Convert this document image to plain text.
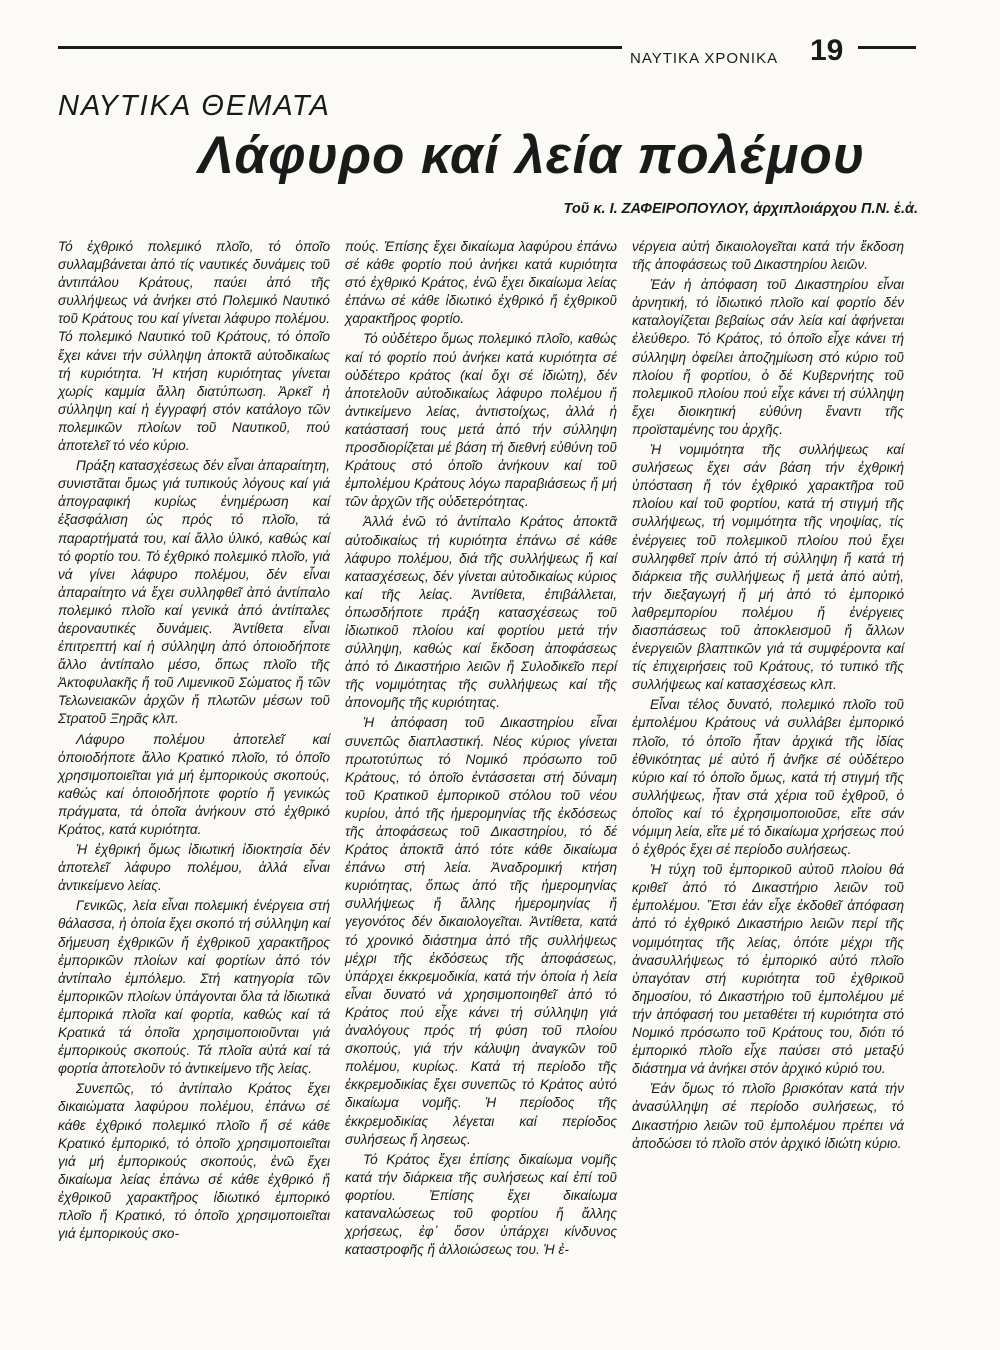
ΝΑΥΤΙΚΑ ΧΡΟΝΙΚΑ 19
ΝΑΥΤΙΚΑ ΘΕΜΑΤΑ
Λάφυρο καί λεία πολέμου
Τοῦ κ. Ι. ΖΑΦΕΙΡΟΠΟΥΛΟΥ, ἀρχιπλοιάρχου Π.Ν. ἐ.ἀ.

Τό ἐχθρικό πολεμικό πλοῖο, τό ὁποῖο συλλαμβάνεται ἀπό τίς ναυτικές δυνάμεις τοῦ ἀντιπάλου Κράτους, παύει ἀπό τῆς συλλήψεως νά ἀνήκει στό Πολεμικό Ναυτικό τοῦ Κράτους του καί γίνεται λάφυρο πολέμου. Τό πολεμικό Ναυτικό τοῦ Κράτους, τό ὁποῖο ἔχει κάνει τήν σύλληψη ἀποκτᾶ αὐτοδικαίως τή κυριότητα. Ἡ κτήση κυριότητας γίνεται χωρίς καμμία ἄλλη διατύπωση. Ἀρκεῖ ἡ σύλληψη καί ἡ ἐγγραφή στόν κατάλογο τῶν πολεμικῶν πλοίων τοῦ Ναυτικοῦ, πού ἀποτελεῖ τό νέο κύριο.

Πράξη κατασχέσεως δέν εἶναι ἀπαραίτητη, συνιστᾶται ὅμως γιά τυπικούς λόγους καί γιά ἀπογραφική κυρίως ἐνημέρωση καί ἐξασφάλιση ὡς πρός τό πλοῖο, τά παραρτήματά του, καί ἄλλο ὑλικό, καθώς καί τό φορτίο του. Τό ἐχθρικό πολεμικό πλοῖο, γιά νά γίνει λάφυρο πολέμου, δέν εἶναι ἀπαραίτητο νά ἔχει συλληφθεῖ ἀπό ἀντίπαλο πολεμικό πλοῖο καί γενικά ἀπό ἀντίπαλες ἀεροναυτικές δυνάμεις. Ἀντίθετα εἶναι ἐπιτρεπτή καί ἡ σύλληψη ἀπό ὁποιοδήποτε ἄλλο ἀντίπαλο μέσο, ὅπως πλοῖο τῆς Ἀκτοφυλακῆς ἤ τοῦ Λιμενικοῦ Σώματος ἤ τῶν Τελωνειακῶν ἀρχῶν ἤ πλωτῶν μέσων τοῦ Στρατοῦ Ξηρᾶς κλπ.

Λάφυρο πολέμου ἀποτελεῖ καί ὁποιοδήποτε ἄλλο Κρατικό πλοῖο, τό ὁποῖο χρησιμοποιεῖται γιά μή ἐμπορικούς σκοπούς, καθώς καί ὁποιοδήποτε φορτίο ἤ γενικώς πράγματα, τά ὁποῖα ἀνήκουν στό ἐχθρικό Κράτος, κατά κυριότητα.

Ἡ ἐχθρική ὅμως ἰδιωτική ἰδιοκτησία δέν ἀποτελεῖ λάφυρο πολέμου, ἀλλά εἶναι ἀντικείμενο λείας.

Γενικῶς, λεία εἶναι πολεμική ἐνέργεια στή θάλασσα, ἡ ὁποία ἔχει σκοπό τή σύλληψη καί δήμευση ἐχθρικῶν ἤ ἐχθρικοῦ χαρακτῆρος ἐμπορικῶν πλοίων καί φορτίων ἀπό τόν ἀντίπαλο ἐμπόλεμο. Στή κατηγορία τῶν ἐμπορικῶν πλοίων ὑπάγονται ὅλα τά ἰδιωτικά ἐμπορικά πλοῖα καί φορτία, καθώς καί τά Κρατικά τά ὁποῖα χρησιμοποιοῦνται γιά ἐμπορικούς σκοπούς. Τά πλοῖα αὐτά καί τά φορτία ἀποτελοῦν τό ἀντικείμενο τῆς λείας.

Συνεπῶς, τό ἀντίπαλο Κράτος ἔχει δικαιώματα λαφύρου πολέμου, ἐπάνω σέ κάθε ἐχθρικό πολεμικό πλοῖο ἤ σέ κάθε Κρατικό ἐμπορικό, τό ὁποῖο χρησιμοποιεῖται γιά μή ἐμπορικούς σκοπούς, ἐνῶ ἔχει δικαίωμα λείας ἐπάνω σέ κάθε ἐχθρικό ἤ ἐχθρικοῦ χαρακτῆρος ἰδιωτικό ἐμπορικό πλοῖο ἤ Κρατικό, τό ὁποῖο χρησιμοποιεῖται γιά ἐμπορικούς σκο-

πούς. Ἐπίσης ἔχει δικαίωμα λαφύρου ἐπάνω σέ κάθε φορτίο πού ἀνήκει κατά κυριότητα στό ἐχθρικό Κράτος, ἐνῶ ἔχει δικαίωμα λείας ἐπάνω σέ κάθε ἰδιωτικό ἐχθρικό ἤ ἐχθρικοῦ χαρακτῆρος φορτίο.

Τό οὐδέτερο ὅμως πολεμικό πλοῖο, καθώς καί τό φορτίο πού ἀνήκει κατά κυριότητα σέ οὐδέτερο κράτος (καί ὄχι σέ ἰδιώτη), δέν ἀποτελοῦν αὐτοδικαίως λάφυρο πολέμου ἤ ἀντικείμενο λείας, ἀντιστοίχως, ἀλλά ἡ κατάστασή τους μετά ἀπό τήν σύλληψη προσδιορίζεται μέ βάση τή διεθνή εὐθύνη τοῦ Κράτους στό ὁποῖο ἀνήκουν καί τοῦ ἐμπολέμου Κράτους λόγω παραβιάσεως ἤ μή τῶν ἀρχῶν τῆς οὐδετερότητας.

Ἀλλά ἐνῶ τό ἀντίπαλο Κράτος ἀποκτᾶ αὐτοδικαίως τή κυριότητα ἐπάνω σέ κάθε λάφυρο πολέμου, διά τῆς συλλήψεως ἤ καί κατασχέσεως, δέν γίνεται αὐτοδικαίως κύριος καί τῆς λείας. Ἀντίθετα, ἐπιβάλλεται, ὁπωσδήποτε πράξη κατασχέσεως τοῦ ἰδιωτικοῦ πλοίου καί φορτίου μετά τήν σύλληψη, καθώς καί ἔκδοση ἀποφάσεως ἀπό τό Δικαστήριο λειῶν ἤ Συλοδικεῖο περί τῆς νομιμότητας τῆς συλλήψεως καί τῆς ἀπονομῆς τῆς κυριότητας.

Ἡ ἀπόφαση τοῦ Δικαστηρίου εἶναι συνεπῶς διαπλαστική. Νέος κύριος γίνεται πρωτοτύπως τό Νομικό πρόσωπο τοῦ Κράτους, τό ὁποῖο ἐντάσσεται στή δύναμη τοῦ Κρατικοῦ ἐμπορικοῦ στόλου τοῦ νέου κυρίου, ἀπό τῆς ἡμερομηνίας τῆς ἐκδόσεως τῆς ἀποφάσεως τοῦ Δικαστηρίου, τό δέ Κράτος ἀποκτᾶ ἀπό τότε κάθε δικαίωμα ἐπάνω στή λεία. Ἀναδρομική κτήση κυριότητας, ὅπως ἀπό τῆς ἡμερομηνίας συλλήψεως ἤ ἄλλης ἡμερομηνίας ἤ γεγονότος δέν δικαιολογεῖται. Ἀντίθετα, κατά τό χρονικό διάστημα ἀπό τῆς συλλήψεως μέχρι τῆς ἐκδόσεως τῆς ἀποφάσεως, ὑπάρχει ἐκκρεμοδικία, κατά τήν ὁποία ἡ λεία εἶναι δυνατό νά χρησιμοποιηθεῖ ἀπό τό Κράτος πού εἶχε κάνει τή σύλληψη γιά ἀναλόγους πρός τή φύση τοῦ πλοίου σκοπούς, γιά τήν κάλυψη ἀναγκῶν τοῦ πολέμου, κυρίως. Κατά τή περίοδο τῆς ἐκκρεμοδικίας ἔχει συνεπῶς τό Κράτος αὐτό δικαίωμα νομῆς. Ἡ περίοδος τῆς ἐκκρεμοδικίας λέγεται καί περίοδος συλήσεως ἤ λησεως.

Τό Κράτος ἔχει ἐπίσης δικαίωμα νομῆς κατά τήν διάρκεια τῆς συλήσεως καί ἐπί τοῦ φορτίου. Ἐπίσης ἔχει δικαίωμα καταναλώσεως τοῦ φορτίου ἤ ἄλλης χρήσεως, ἐφ᾽ ὅσον ὑπάρχει κίνδυνος καταστροφῆς ἤ ἀλλοιώσεως του. Ἡ ἐ-

νέργεια αὐτή δικαιολογεῖται κατά τήν ἔκδοση τῆς ἀποφάσεως τοῦ Δικαστηρίου λειῶν.

Ἐάν ἡ ἀπόφαση τοῦ Δικαστηρίου εἶναι ἀρνητική, τό ἰδιωτικό πλοῖο καί φορτίο δέν καταλογίζεται βεβαίως σάν λεία καί ἀφήνεται ἐλεύθερο. Τό Κράτος, τό ὁποῖο εἶχε κάνει τή σύλληψη ὀφείλει ἀποζημίωση στό κύριο τοῦ πλοίου ἤ φορτίου, ὁ δέ Κυβερνήτης τοῦ πολεμικοῦ πλοίου πού εἶχε κάνει τή σύλληψη ἔχει διοικητική εὐθύνη ἔναντι τῆς προϊσταμένης του ἀρχῆς.

Ἡ νομιμότητα τῆς συλλήψεως καί συλήσεως ἔχει σάν βάση τήν ἐχθρική ὑπόσταση ἤ τόν ἐχθρικό χαρακτῆρα τοῦ πλοίου καί τοῦ φορτίου, κατά τή στιγμή τῆς συλλήψεως, τή νομιμότητα τῆς νηοψίας, τίς ἐνέργειες τοῦ πολεμικοῦ πλοίου πού ἔχει συλληφθεῖ πρίν ἀπό τή σύλληψη ἤ κατά τή διάρκεια τῆς συλλήψεως ἤ μετά ἀπό αὐτή, τήν διεξαγωγή ἤ μή ἀπό τό ἐμπορικό λαθρεμπορίου πολέμου ἤ ἐνέργειες διασπάσεως τοῦ ἀποκλεισμοῦ ἤ ἄλλων ἐνεργειῶν βλαπτικῶν γιά τά συμφέροντα καί τίς ἐπιχειρήσεις τοῦ Κράτους, τό τυπικό τῆς συλλήψεως καί κατασχέσεως κλπ.

Εἶναι τέλος δυνατό, πολεμικό πλοῖο τοῦ ἐμπολέμου Κράτους νά συλλάβει ἐμπορικό πλοῖο, τό ὁποῖο ἦταν ἀρχικά τῆς ἰδίας ἐθνικότητας μέ αὐτό ἤ ἀνῆκε σέ οὐδέτερο κύριο καί τό ὁποῖο ὅμως, κατά τή στιγμή τῆς συλλήψεως, ἦταν στά χέρια τοῦ ἐχθροῦ, ὁ ὁποῖος καί τό ἐχρησιμοποιοῦσε, εἴτε σάν νόμιμη λεία, εἴτε μέ τό δικαίωμα χρήσεως πού ὁ ἐχθρός ἔχει σέ περίοδο συλήσεως.

Ἡ τύχη τοῦ ἐμπορικοῦ αὐτοῦ πλοίου θά κριθεῖ ἀπό τό Δικαστήριο λειῶν τοῦ ἐμπολέμου. Ἔτσι ἐάν εἶχε ἐκδοθεῖ ἀπόφαση ἀπό τό ἐχθρικό Δικαστήριο λειῶν περί τῆς νομιμότητας τῆς λείας, ὁπότε μέχρι τῆς ἀνασυλλήψεως τό ἐμπορικό αὐτό πλοῖο ὑπαγόταν στή κυριότητα τοῦ ἐχθρικοῦ δημοσίου, τό Δικαστήριο τοῦ ἐμπολέμου μέ τήν ἀπόφασή του μεταθέτει τή κυριότητα στό Νομικό πρόσωπο τοῦ Κράτους του, διότι τό ἐμπορικό πλοῖο εἶχε παύσει στό μεταξύ διάστημα νά ἀνήκει στόν ἀρχικό κύριό του.

Ἐάν ὅμως τό πλοῖο βρισκόταν κατά τήν ἀνασύλληψη σέ περίοδο συλήσεως, τό Δικαστήριο λειῶν τοῦ ἐμπολέμου πρέπει νά ἀποδώσει τό πλοῖο στόν ἀρχικό ἰδιώτη κύριο.
